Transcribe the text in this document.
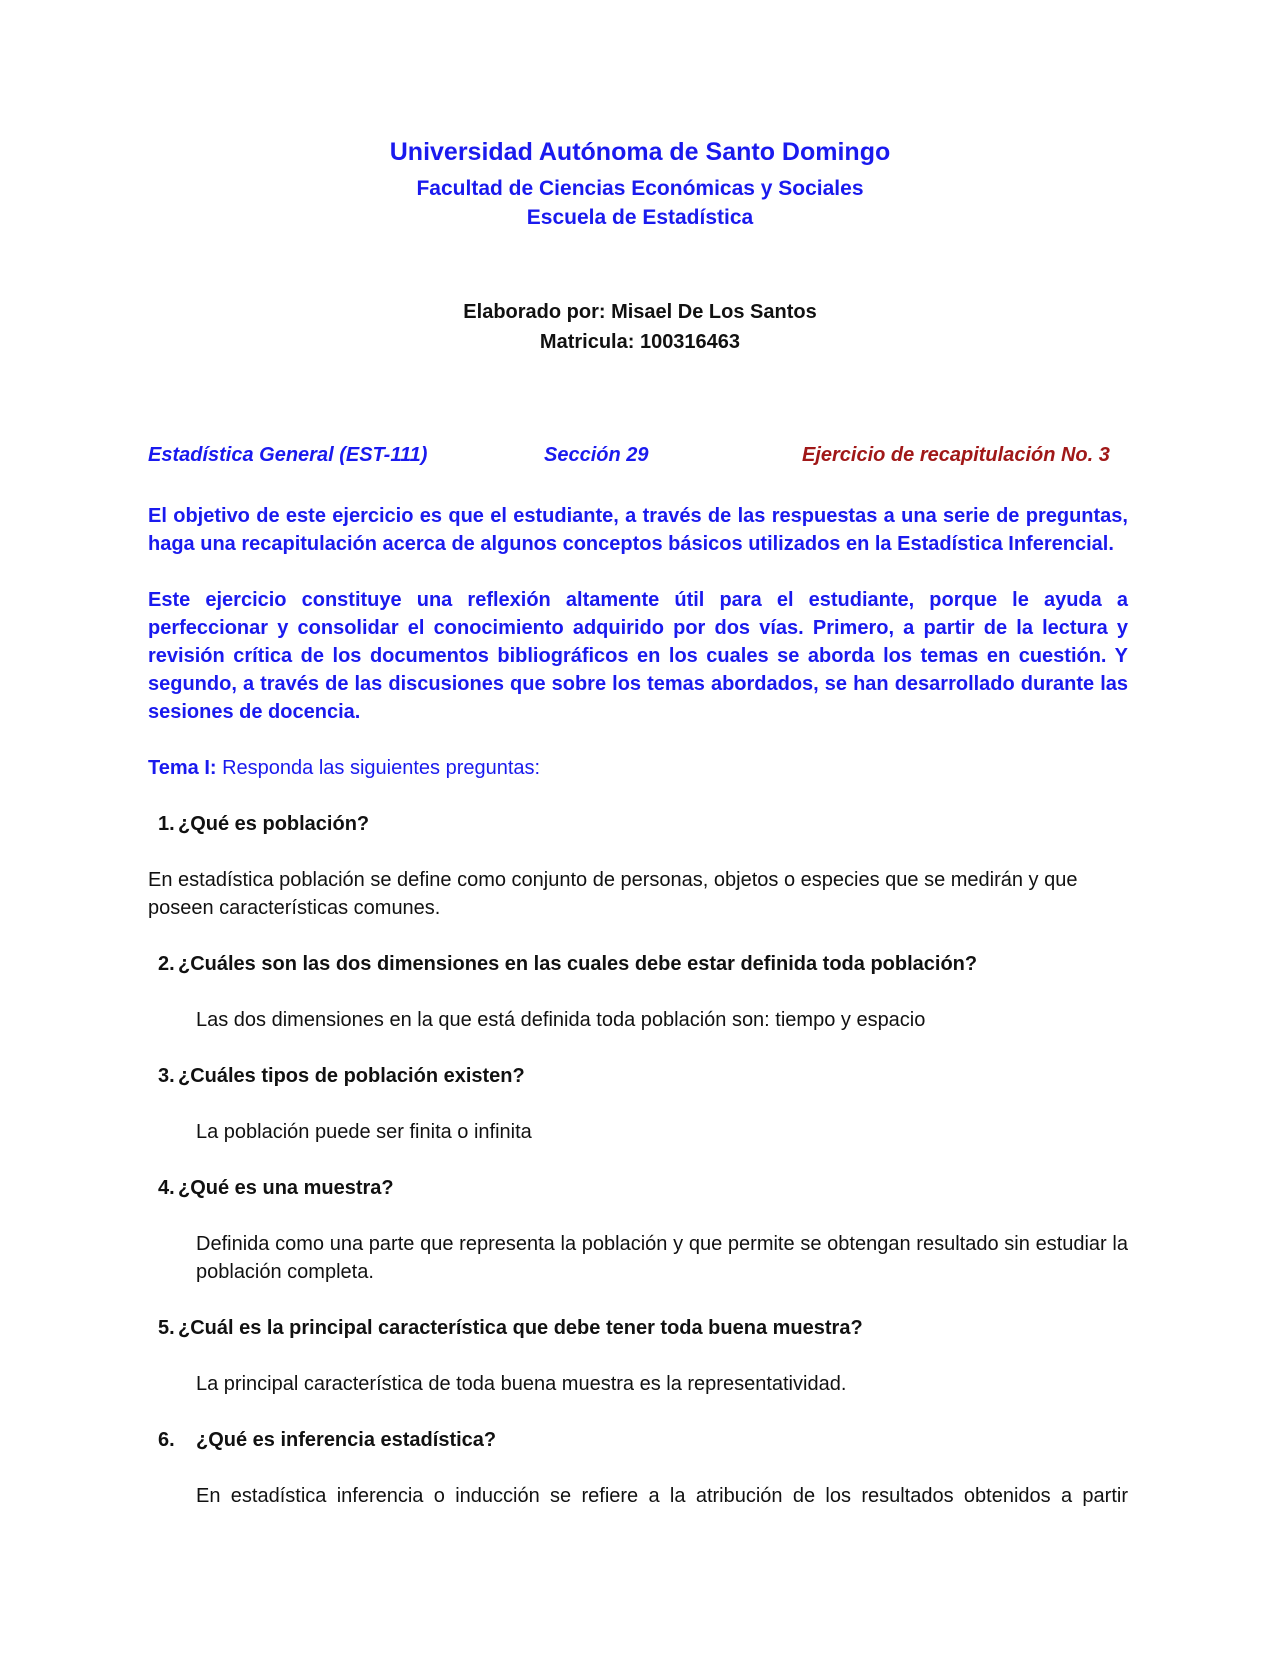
Universidad Autónoma de Santo Domingo
Facultad de Ciencias Económicas y Sociales
Escuela de Estadística
Elaborado por: Misael De Los Santos
Matricula: 100316463
Estadística General (EST-111)	Sección 29	Ejercicio de recapitulación No. 3

El objetivo de este ejercicio es que el estudiante, a través de las respuestas a una serie de preguntas, haga una recapitulación acerca de algunos conceptos básicos utilizados en la Estadística Inferencial.

Este ejercicio constituye una reflexión altamente útil para el estudiante, porque le ayuda a perfeccionar y consolidar el conocimiento adquirido por dos vías. Primero, a partir de la lectura y revisión crítica de los documentos bibliográficos en los cuales se aborda los temas en cuestión. Y segundo, a través de las discusiones que sobre los temas abordados, se han desarrollado durante las sesiones de docencia.

Tema I: Responda las siguientes preguntas:
1. ¿Qué es población?

En estadística población se define como conjunto de personas, objetos o especies que se medirán y que poseen características comunes.

2. ¿Cuáles son las dos dimensiones en las cuales debe estar definida toda población?

Las dos dimensiones en la que está definida toda población son: tiempo y espacio

3. ¿Cuáles tipos de población existen?

La población puede ser finita o infinita

4. ¿Qué es una muestra?

Definida como una parte que representa la población y que permite se obtengan resultado sin estudiar la población completa.

5. ¿Cuál es la principal característica que debe tener toda buena muestra?

La principal característica de toda buena muestra es la representatividad.

6. ¿Qué es inferencia estadística?

En estadística inferencia o inducción se refiere a la atribución de los resultados obtenidos a partir
